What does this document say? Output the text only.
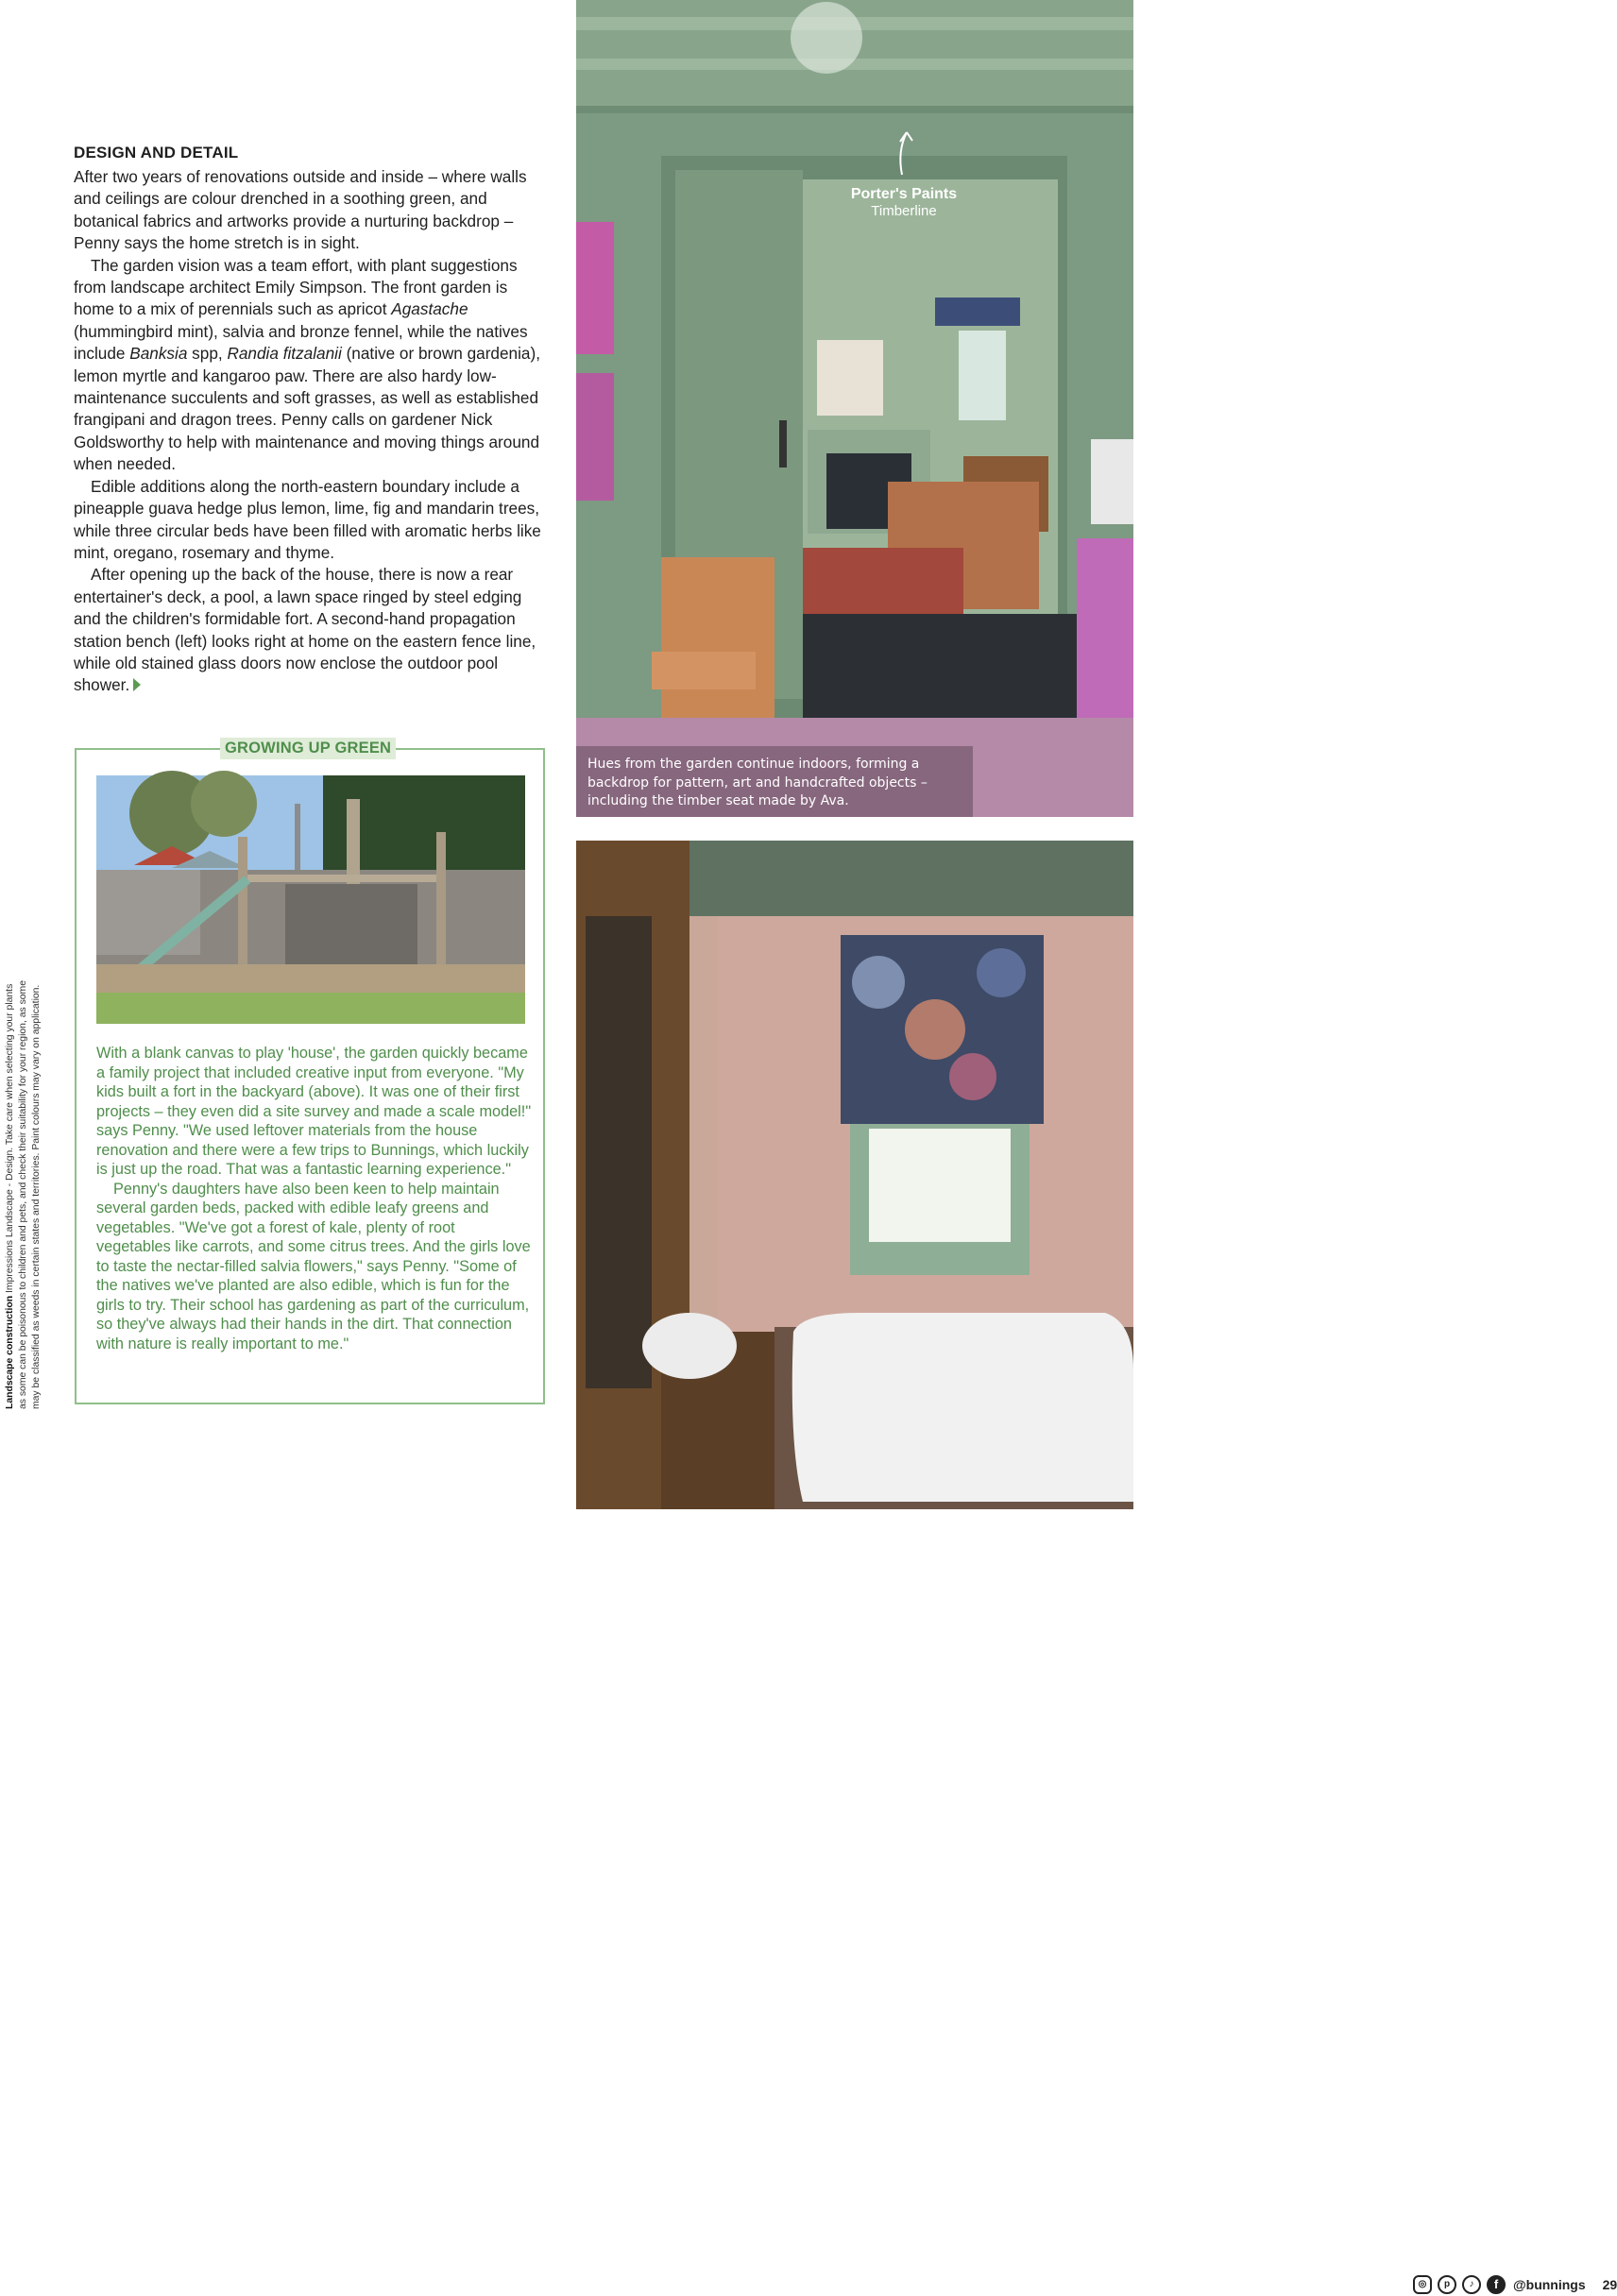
DESIGN AND DETAIL

After two years of renovations outside and inside – where walls and ceilings are colour drenched in a soothing green, and botanical fabrics and artworks provide a nurturing backdrop – Penny says the home stretch is in sight.

The garden vision was a team effort, with plant suggestions from landscape architect Emily Simpson. The front garden is home to a mix of perennials such as apricot Agastache (hummingbird mint), salvia and bronze fennel, while the natives include Banksia spp, Randia fitzalanii (native or brown gardenia), lemon myrtle and kangaroo paw. There are also hardy low-maintenance succulents and soft grasses, as well as established frangipani and dragon trees. Penny calls on gardener Nick Goldsworthy to help with maintenance and moving things around when needed.

Edible additions along the north-eastern boundary include a pineapple guava hedge plus lemon, lime, fig and mandarin trees, while three circular beds have been filled with aromatic herbs like mint, oregano, rosemary and thyme.

After opening up the back of the house, there is now a rear entertainer's deck, a pool, a lawn space ringed by steel edging and the children's formidable fort. A second-hand propagation station bench (left) looks right at home on the eastern fence line, while old stained glass doors now enclose the outdoor pool shower.

GROWING UP GREEN

With a blank canvas to play 'house', the garden quickly became a family project that included creative input from everyone. "My kids built a fort in the backyard (above). It was one of their first projects – they even did a site survey and made a scale model!" says Penny. "We used leftover materials from the house renovation and there were a few trips to Bunnings, which luckily is just up the road. That was a fantastic learning experience."

Penny's daughters have also been keen to help maintain several garden beds, packed with edible leafy greens and vegetables. "We've got a forest of kale, plenty of root vegetables like carrots, and some citrus trees. And the girls love to taste the nectar-filled salvia flowers," says Penny. "Some of the natives we've planted are also edible, which is fun for the girls to try. Their school has gardening as part of the curriculum, so they've always had their hands in the dirt. That connection with nature is really important to me."

Landscape construction Impressions Landscape - Design. Take care when selecting your plants as some can be poisonous to children and pets, and check their suitability for your region, as some may be classified as weeds in certain states and territories. Paint colours may vary on application.

Porter's Paints
Timberline
Hues from the garden continue indoors, forming a backdrop for pattern, art and handcrafted objects – including the timber seat made by Ava.
◎	p	♪	f	@bunnings 29
